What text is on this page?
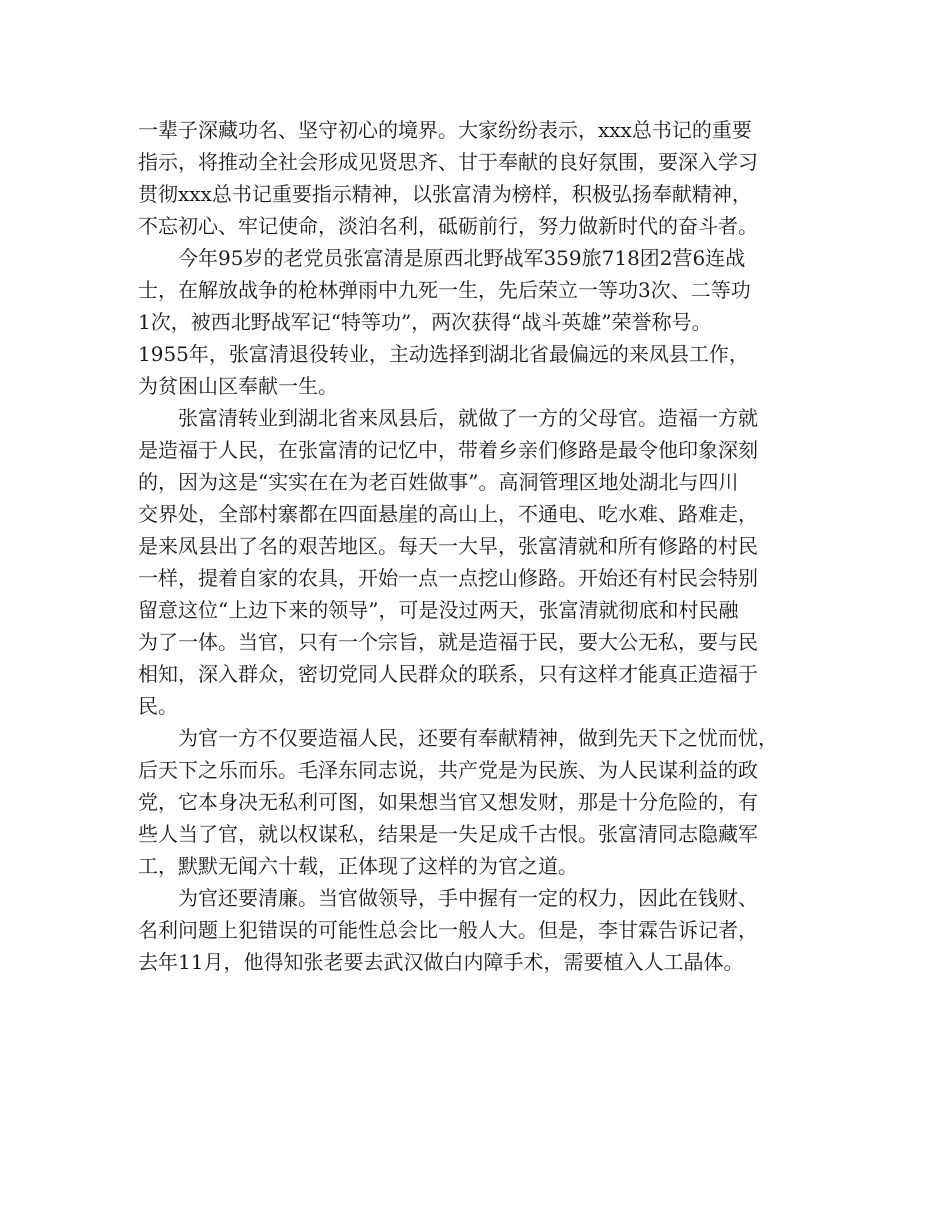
一辈子深藏功名、坚守初心的境界。大家纷纷表示，xxx总书记的重要
指示，将推动全社会形成见贤思齐、甘于奉献的良好氛围，要深入学习
贯彻xxx总书记重要指示精神，以张富清为榜样，积极弘扬奉献精神，
不忘初心、牢记使命，淡泊名利，砥砺前行，努力做新时代的奋斗者。

　　今年95岁的老党员张富清是原西北野战军359旅718团2营6连战
士，在解放战争的枪林弹雨中九死一生，先后荣立一等功3次、二等功
1次，被西北野战军记“特等功”，两次获得“战斗英雄”荣誉称号。
1955年，张富清退役转业，主动选择到湖北省最偏远的来凤县工作，
为贫困山区奉献一生。

　　张富清转业到湖北省来凤县后，就做了一方的父母官。造福一方就
是造福于人民，在张富清的记忆中，带着乡亲们修路是最令他印象深刻
的，因为这是“实实在在为老百姓做事”。高洞管理区地处湖北与四川
交界处，全部村寨都在四面悬崖的高山上，不通电、吃水难、路难走，
是来凤县出了名的艰苦地区。每天一大早，张富清就和所有修路的村民
一样，提着自家的农具，开始一点一点挖山修路。开始还有村民会特别
留意这位“上边下来的领导”，可是没过两天，张富清就彻底和村民融
为了一体。当官，只有一个宗旨，就是造福于民，要大公无私，要与民
相知，深入群众，密切党同人民群众的联系，只有这样才能真正造福于
民。

　　为官一方不仅要造福人民，还要有奉献精神，做到先天下之忧而忧，
后天下之乐而乐。毛泽东同志说，共产党是为民族、为人民谋利益的政
党，它本身决无私利可图，如果想当官又想发财，那是十分危险的，有
些人当了官，就以权谋私，结果是一失足成千古恨。张富清同志隐藏军
工，默默无闻六十载，正体现了这样的为官之道。

　　为官还要清廉。当官做领导，手中握有一定的权力，因此在钱财、
名利问题上犯错误的可能性总会比一般人大。但是，李甘霖告诉记者，
去年11月，他得知张老要去武汉做白内障手术，需要植入人工晶体。
